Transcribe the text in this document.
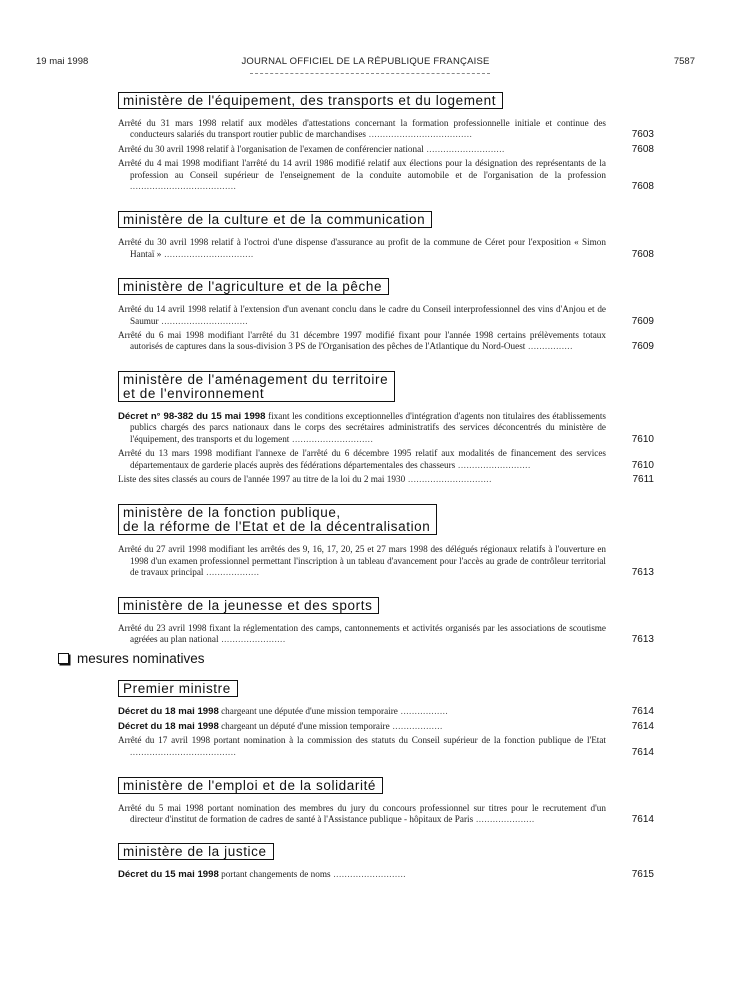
19 mai 1998	JOURNAL OFFICIEL DE LA RÉPUBLIQUE FRANÇAISE	7587
ministère de l'équipement, des transports et du logement
Arrêté du 31 mars 1998 relatif aux modèles d'attestations concernant la formation professionnelle initiale et continue des conducteurs salariés du transport routier public de marchandises .....................................	7603
Arrêté du 30 avril 1998 relatif à l'organisation de l'examen de conférencier national ............................	7608
Arrêté du 4 mai 1998 modifiant l'arrêté du 14 avril 1986 modifié relatif aux élections pour la désignation des représentants de la profession au Conseil supérieur de l'enseignement de la conduite automobile et de l'organisation de la profession ......................................	7608
ministère de la culture et de la communication
Arrêté du 30 avril 1998 relatif à l'octroi d'une dispense d'assurance au profit de la commune de Céret pour l'exposition « Simon Hantaï » ................................	7608
ministère de l'agriculture et de la pêche
Arrêté du 14 avril 1998 relatif à l'extension d'un avenant conclu dans le cadre du Conseil interprofessionnel des vins d'Anjou et de Saumur ...............................	7609
Arrêté du 6 mai 1998 modifiant l'arrêté du 31 décembre 1997 modifié fixant pour l'année 1998 certains prélèvements totaux autorisés de captures dans la sous-division 3 PS de l'Organisation des pêches de l'Atlantique du Nord-Ouest ................	7609
ministère de l'aménagement du territoire
et de l'environnement
Décret n° 98-382 du 15 mai 1998 fixant les conditions exceptionnelles d'intégration d'agents non titulaires des établissements publics chargés des parcs nationaux dans le corps des secrétaires administratifs des services déconcentrés du ministère de l'équipement, des transports et du logement .............................	7610
Arrêté du 13 mars 1998 modifiant l'annexe de l'arrêté du 6 décembre 1995 relatif aux modalités de financement des services départementaux de garderie placés auprès des fédérations départementales des chasseurs ..........................	7610
Liste des sites classés au cours de l'année 1997 au titre de la loi du 2 mai 1930 ..............................	7611
ministère de la fonction publique,
de la réforme de l'Etat et de la décentralisation
Arrêté du 27 avril 1998 modifiant les arrêtés des 9, 16, 17, 20, 25 et 27 mars 1998 des délégués régionaux relatifs à l'ouverture en 1998 d'un examen professionnel permettant l'inscription à un tableau d'avancement pour l'accès au grade de contrôleur territorial de travaux principal ...................	7613
ministère de la jeunesse et des sports
Arrêté du 23 avril 1998 fixant la réglementation des camps, cantonnements et activités organisés par les associations de scoutisme agréées au plan national .......................	7613
mesures nominatives
Premier ministre
Décret du 18 mai 1998 chargeant une députée d'une mission temporaire .................	7614
Décret du 18 mai 1998 chargeant un député d'une mission temporaire ..................	7614
Arrêté du 17 avril 1998 portant nomination à la commission des statuts du Conseil supérieur de la fonction publique de l'Etat ......................................	7614
ministère de l'emploi et de la solidarité
Arrêté du 5 mai 1998 portant nomination des membres du jury du concours professionnel sur titres pour le recrutement d'un directeur d'institut de formation de cadres de santé à l'Assistance publique - hôpitaux de Paris .....................	7614
ministère de la justice
Décret du 15 mai 1998 portant changements de noms ..........................	7615
